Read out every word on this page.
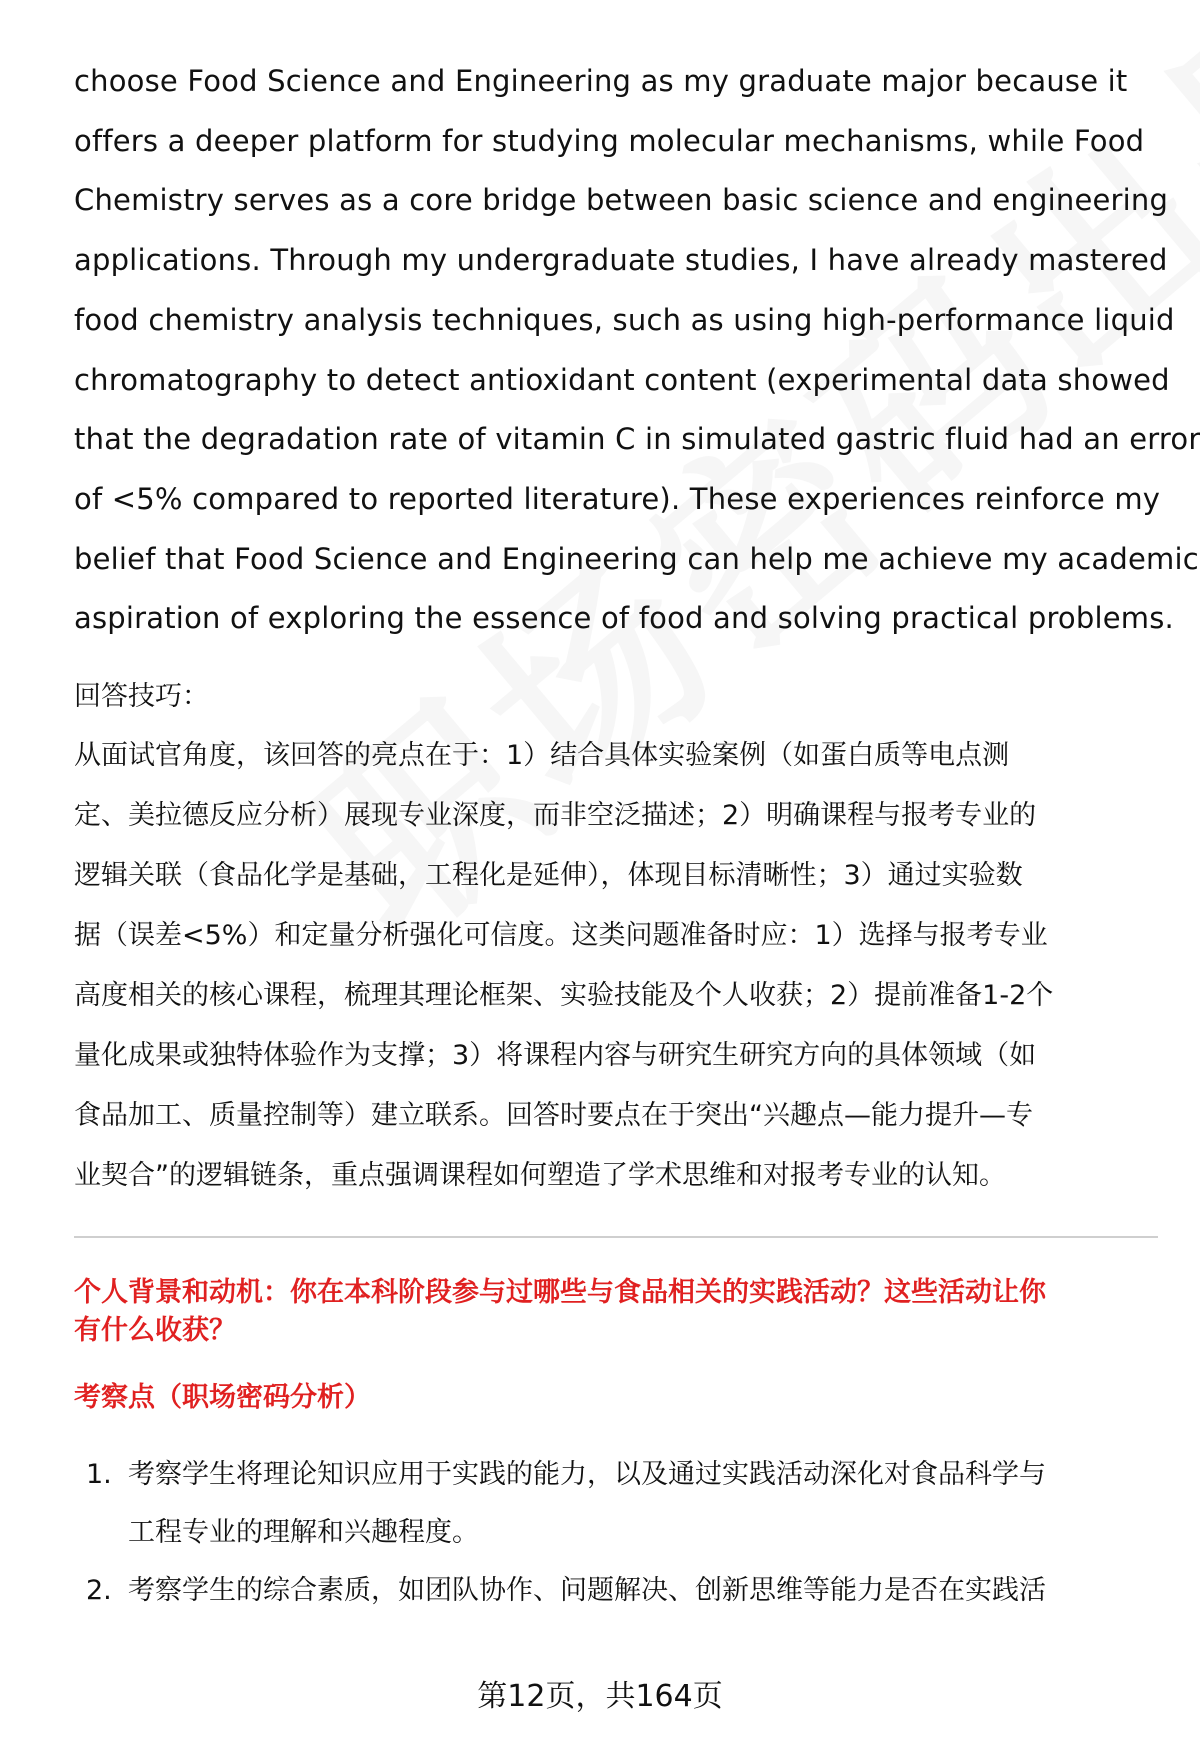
choose Food Science and Engineering as my graduate major because it

offers a deeper platform for studying molecular mechanisms, while Food

Chemistry serves as a core bridge between basic science and engineering

applications. Through my undergraduate studies, I have already mastered

food chemistry analysis techniques, such as using high-performance liquid

chromatography to detect antioxidant content (experimental data showed

that the degradation rate of vitamin C in simulated gastric fluid had an error

of <5% compared to reported literature). These experiences reinforce my

belief that Food Science and Engineering can help me achieve my academic

aspiration of exploring the essence of food and solving practical problems.

回答技巧：

从面试官角度，该回答的亮点在于：1）结合具体实验案例（如蛋白质等电点测

定、美拉德反应分析）展现专业深度，而非空泛描述；2）明确课程与报考专业的

逻辑关联（食品化学是基础，工程化是延伸），体现目标清晰性；3）通过实验数

据（误差<5%）和定量分析强化可信度。这类问题准备时应：1）选择与报考专业

高度相关的核心课程，梳理其理论框架、实验技能及个人收获；2）提前准备1-2个

量化成果或独特体验作为支撑；3）将课程内容与研究生研究方向的具体领域（如

食品加工、质量控制等）建立联系。回答时要点在于突出“兴趣点—能力提升—专

业契合”的逻辑链条，重点强调课程如何塑造了学术思维和对报考专业的认知。

个人背景和动机：你在本科阶段参与过哪些与食品相关的实践活动？这些活动让你
有什么收获？
考察点（职场密码分析）
1. 考察学生将理论知识应用于实践的能力，以及通过实践活动深化对食品科学与

工程专业的理解和兴趣程度。

2. 考察学生的综合素质，如团队协作、问题解决、创新思维等能力是否在实践活

第12页，共164页
